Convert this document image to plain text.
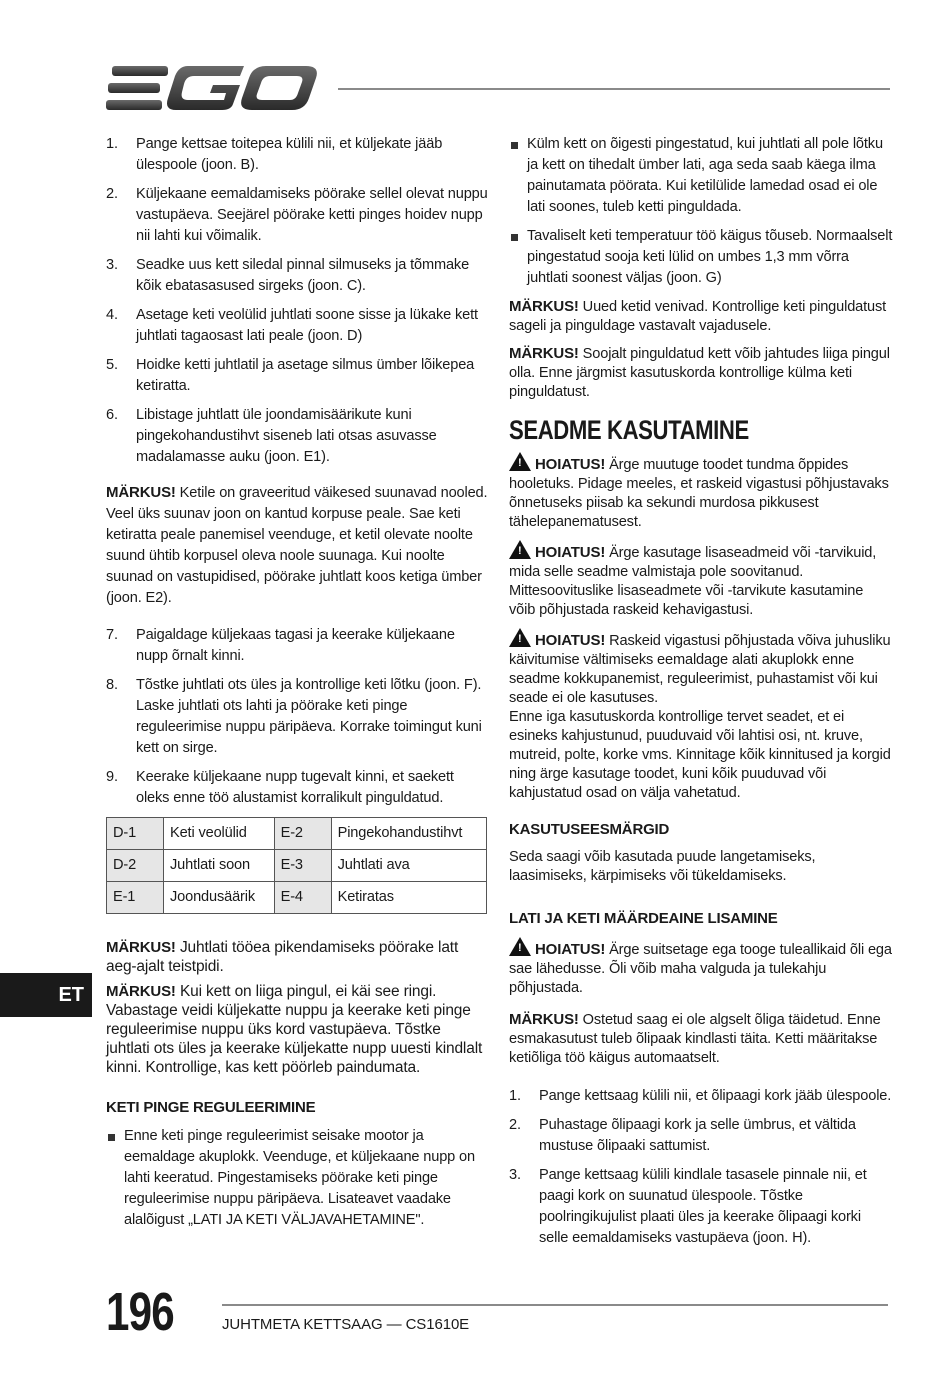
1.	Pange kettsae toitepea külili nii, et küljekate jääb ülespoole (joon. B).
2.	Küljekaane eemaldamiseks pöörake sellel olevat nuppu vastupäeva. Seejärel pöörake ketti pinges hoidev nupp nii lahti kui võimalik.
3.	Seadke uus kett siledal pinnal silmuseks ja tõmmake kõik ebatasasused sirgeks (joon. C).
4.	Asetage keti veolülid juhtlati soone sisse ja lükake kett juhtlati tagaosast lati peale (joon. D)
5.	Hoidke ketti juhtlatil ja asetage silmus ümber lõikepea ketiratta.
6.	Libistage juhtlatt üle joondamisäärikute kuni pingekohandustihvt siseneb lati otsas asuvasse madalamasse auku (joon. E1).

MÄRKUS! Ketile on graveeritud väikesed suunavad nooled. Veel üks suunav joon on kantud korpuse peale. Sae keti ketiratta peale panemisel veenduge, et ketil olevate noolte suund ühtib korpusel oleva noole suunaga. Kui noolte suunad on vastupidised, pöörake juhtlatt koos ketiga ümber (joon. E2).

7.	Paigaldage küljekaas tagasi ja keerake küljekaane nupp õrnalt kinni.
8.	Tõstke juhtlati ots üles ja kontrollige keti lõtku (joon. F). Laske juhtlati ots lahti ja pöörake keti pinge reguleerimise nuppu päripäeva. Korrake toimingut kuni kett on sirge.
9.	Keerake küljekaane nupp tugevalt kinni, et saekett oleks enne töö alustamist korralikult pinguldatud.
D-1	Keti veolülid	E-2	Pingekohandustihvt
D-2	Juhtlati soon	E-3	Juhtlati ava
E-1	Joondusäärik	E-4	Ketiratas

MÄRKUS! Juhtlati tööea pikendamiseks pöörake latt aeg-ajalt teistpidi.

MÄRKUS! Kui kett on liiga pingul, ei käi see ringi. Vabastage veidi küljekatte nuppu ja keerake keti pinge reguleerimise nuppu üks kord vastupäeva. Tõstke juhtlati ots üles ja keerake küljekatte nupp uuesti kindlalt kinni. Kontrollige, kas kett pöörleb paindumata.

KETI PINGE REGULEERIMINE
Enne keti pinge reguleerimist seisake mootor ja eemaldage akuplokk. Veenduge, et küljekaane nupp on lahti keeratud. Pingestamiseks pöörake keti pinge reguleerimise nuppu päripäeva. Lisateavet vaadake alalõigust „LATI JA KETI VÄLJAVAHETAMINE".
Külm kett on õigesti pingestatud, kui juhtlati all pole lõtku ja kett on tihedalt ümber lati, aga seda saab käega ilma painutamata pöörata. Kui ketilülide lamedad osad ei ole lati soones, tuleb ketti pinguldada.
Tavaliselt keti temperatuur töö käigus tõuseb. Normaalselt pingestatud sooja keti lülid on umbes 1,3 mm võrra juhtlati soonest väljas (joon. G)

MÄRKUS! Uued ketid venivad. Kontrollige keti pinguldatust sageli ja pinguldage vastavalt vajadusele.

MÄRKUS! Soojalt pinguldatud kett võib jahtudes liiga pingul olla. Enne järgmist kasutuskorda kontrollige külma keti pinguldatust.

SEADME KASUTAMINE

! HOIATUS! Ärge muutuge toodet tundma õppides hooletuks. Pidage meeles, et raskeid vigastusi põhjustavaks õnnetuseks piisab ka sekundi murdosa pikkusest tähelepanematusest.

! HOIATUS! Ärge kasutage lisaseadmeid või -tarvikuid, mida selle seadme valmistaja pole soovitanud. Mittesoovituslike lisaseadmete või -tarvikute kasutamine võib põhjustada raskeid kehavigastusi.

! HOIATUS! Raskeid vigastusi põhjustada võiva juhusliku käivitumise vältimiseks eemaldage alati akuplokk enne seadme kokkupanemist, reguleerimist, puhastamist või kui seade ei ole kasutuses.

Enne iga kasutuskorda kontrollige tervet seadet, et ei esineks kahjustunud, puuduvaid või lahtisi osi, nt. kruve, mutreid, polte, korke vms. Kinnitage kõik kinnitused ja korgid ning ärge kasutage toodet, kuni kõik puuduvad või kahjustatud osad on välja vahetatud.

KASUTUSEESMÄRGID

Seda saagi võib kasutada puude langetamiseks, laasimiseks, kärpimiseks või tükeldamiseks.

LATI JA KETI MÄÄRDEAINE LISAMINE

! HOIATUS! Ärge suitsetage ega tooge tuleallikaid õli ega sae lähedusse. Õli võib maha valguda ja tulekahju põhjustada.

MÄRKUS! Ostetud saag ei ole algselt õliga täidetud. Enne esmakasutust tuleb õlipaak kindlasti täita. Ketti määritakse ketiõliga töö käigus automaatselt.

1.	Pange kettsaag külili nii, et õlipaagi kork jääb ülespoole.
2.	Puhastage õlipaagi kork ja selle ümbrus, et vältida mustuse õlipaaki sattumist.
3.	Pange kettsaag külili kindlale tasasele pinnale nii, et paagi kork on suunatud ülespoole. Tõstke poolringikujulist plaati üles ja keerake õlipaagi korki selle eemaldamiseks vastupäeva (joon. H).
ET
196	JUHTMETA KETTSAAG — CS1610E
